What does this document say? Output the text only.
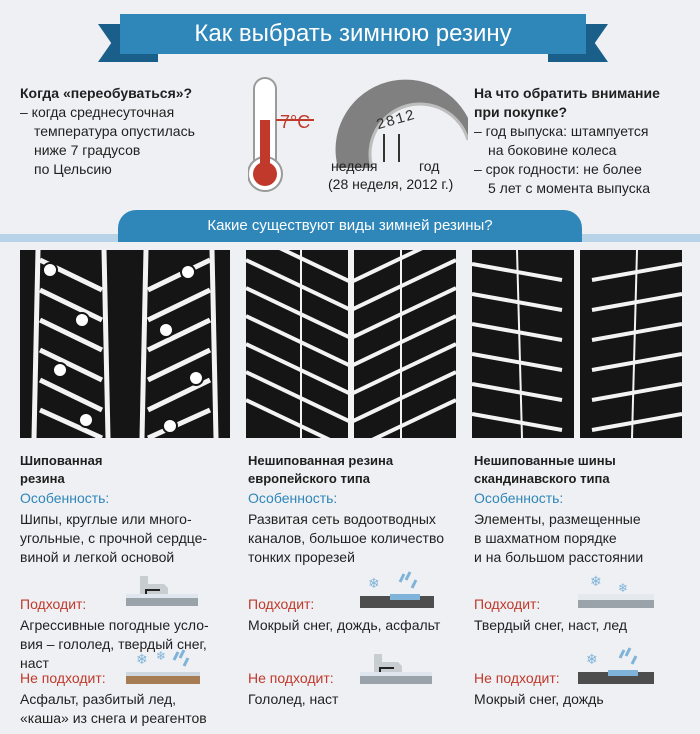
Как выбрать зимнюю резину
Когда «переобуваться»?
– когда среднесуточная
температура опустилась
ниже 7 градусов
по Цельсию
7°C	2812
неделя	год
(28 неделя, 2012 г.)
На что обратить внимание
при покупке?
– год выпуска: штампуется
на боковине колеса
– срок годности: не более
5 лет с момента выпуска
Какие существуют виды зимней резины?
Шипованная
резина
Особенность:
Шипы, круглые или много-
угольные, с прочной сердце-
виной и легкой основой
Подходит:
Агрессивные погодные усло-
вия – гололед, твердый снег,
наст
Не подходит:
Асфальт, разбитый лед,
«каша» из снега и реагентов
❄ ❄
Нешипованная резина
европейского типа
Особенность:
Развитая сеть водоотводных
каналов, большое количество
тонких прорезей
Подходит:
Мокрый снег, дождь, асфальт
Не подходит:
Гололед, наст
❄
Нешипованные шины
скандинавского типа
Особенность:
Элементы, размещенные
в шахматном порядке
и на большом расстоянии
Подходит:
Твердый снег, наст, лед
Не подходит:
Мокрый снег, дождь
❄ ❄
❄
